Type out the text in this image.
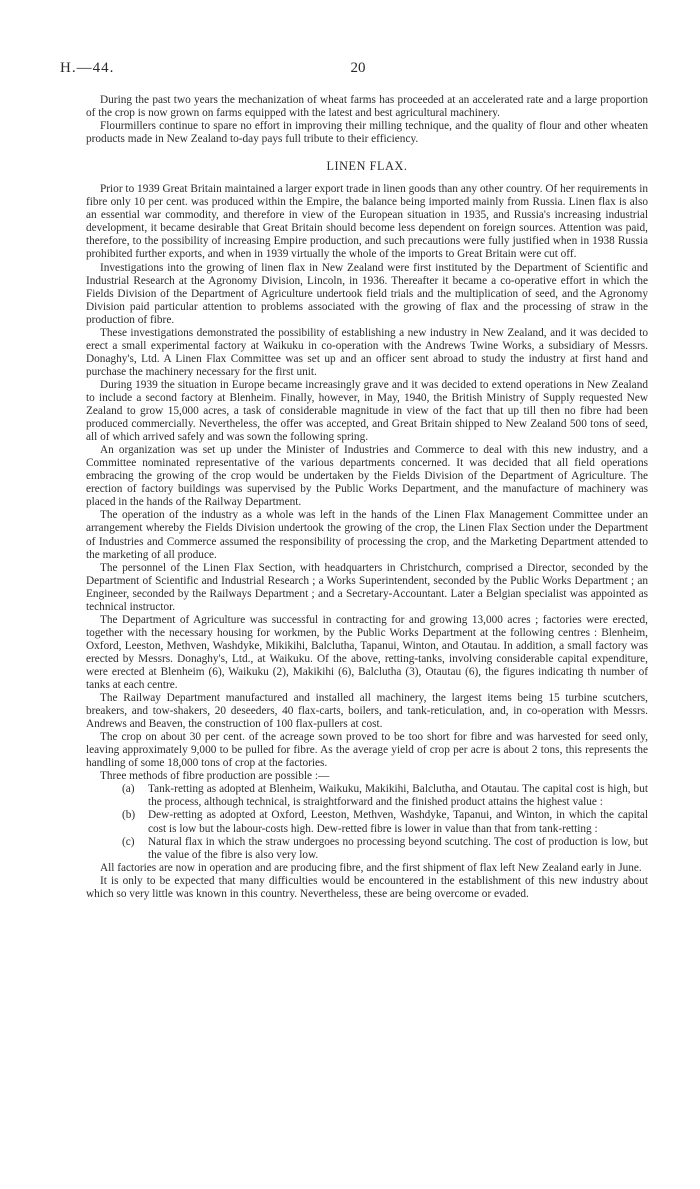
H.—44.	20

During the past two years the mechanization of wheat farms has proceeded at an accelerated rate and a large proportion of the crop is now grown on farms equipped with the latest and best agricultural machinery.

Flourmillers continue to spare no effort in improving their milling technique, and the quality of flour and other wheaten products made in New Zealand to-day pays full tribute to their efficiency.

LINEN FLAX.

Prior to 1939 Great Britain maintained a larger export trade in linen goods than any other country. Of her requirements in fibre only 10 per cent. was produced within the Empire, the balance being imported mainly from Russia. Linen flax is also an essential war commodity, and therefore in view of the European situation in 1935, and Russia's increasing industrial development, it became desirable that Great Britain should become less dependent on foreign sources. Attention was paid, therefore, to the possibility of increasing Empire production, and such precautions were fully justified when in 1938 Russia prohibited further exports, and when in 1939 virtually the whole of the imports to Great Britain were cut off.

Investigations into the growing of linen flax in New Zealand were first instituted by the Department of Scientific and Industrial Research at the Agronomy Division, Lincoln, in 1936. Thereafter it became a co-operative effort in which the Fields Division of the Department of Agriculture undertook field trials and the multiplication of seed, and the Agronomy Division paid particular attention to problems associated with the growing of flax and the processing of straw in the production of fibre.

These investigations demonstrated the possibility of establishing a new industry in New Zealand, and it was decided to erect a small experimental factory at Waikuku in co-operation with the Andrews Twine Works, a subsidiary of Messrs. Donaghy's, Ltd. A Linen Flax Committee was set up and an officer sent abroad to study the industry at first hand and purchase the machinery necessary for the first unit.

During 1939 the situation in Europe became increasingly grave and it was decided to extend operations in New Zealand to include a second factory at Blenheim. Finally, however, in May, 1940, the British Ministry of Supply requested New Zealand to grow 15,000 acres, a task of considerable magnitude in view of the fact that up till then no fibre had been produced commercially. Nevertheless, the offer was accepted, and Great Britain shipped to New Zealand 500 tons of seed, all of which arrived safely and was sown the following spring.

An organization was set up under the Minister of Industries and Commerce to deal with this new industry, and a Committee nominated representative of the various departments concerned. It was decided that all field operations embracing the growing of the crop would be undertaken by the Fields Division of the Department of Agriculture. The erection of factory buildings was supervised by the Public Works Department, and the manufacture of machinery was placed in the hands of the Railway Department.

The operation of the industry as a whole was left in the hands of the Linen Flax Management Committee under an arrangement whereby the Fields Division undertook the growing of the crop, the Linen Flax Section under the Department of Industries and Commerce assumed the responsibility of processing the crop, and the Marketing Department attended to the marketing of all produce.

The personnel of the Linen Flax Section, with headquarters in Christchurch, comprised a Director, seconded by the Department of Scientific and Industrial Research ; a Works Superintendent, seconded by the Public Works Department ; an Engineer, seconded by the Railways Department ; and a Secretary-Accountant. Later a Belgian specialist was appointed as technical instructor.

The Department of Agriculture was successful in contracting for and growing 13,000 acres ; factories were erected, together with the necessary housing for workmen, by the Public Works Department at the following centres : Blenheim, Oxford, Leeston, Methven, Washdyke, Mikikihi, Balclutha, Tapanui, Winton, and Otautau. In addition, a small factory was erected by Messrs. Donaghy's, Ltd., at Waikuku. Of the above, retting-tanks, involving considerable capital expenditure, were erected at Blenheim (6), Waikuku (2), Makikihi (6), Balclutha (3), Otautau (6), the figures indicating th number of tanks at each centre.

The Railway Department manufactured and installed all machinery, the largest items being 15 turbine scutchers, breakers, and tow-shakers, 20 deseeders, 40 flax-carts, boilers, and tank-reticulation, and, in co-operation with Messrs. Andrews and Beaven, the construction of 100 flax-pullers at cost.

The crop on about 30 per cent. of the acreage sown proved to be too short for fibre and was harvested for seed only, leaving approximately 9,000 to be pulled for fibre. As the average yield of crop per acre is about 2 tons, this represents the handling of some 18,000 tons of crop at the factories.

Three methods of fibre production are possible :—

(a)	Tank-retting as adopted at Blenheim, Waikuku, Makikihi, Balclutha, and Otautau. The capital cost is high, but the process, although technical, is straightforward and the finished product attains the highest value :
(b)	Dew-retting as adopted at Oxford, Leeston, Methven, Washdyke, Tapanui, and Winton, in which the capital cost is low but the labour-costs high. Dew-retted fibre is lower in value than that from tank-retting :
(c)	Natural flax in which the straw undergoes no processing beyond scutching. The cost of production is low, but the value of the fibre is also very low.

All factories are now in operation and are producing fibre, and the first shipment of flax left New Zealand early in June.

It is only to be expected that many difficulties would be encountered in the establishment of this new industry about which so very little was known in this country. Nevertheless, these are being overcome or evaded.
